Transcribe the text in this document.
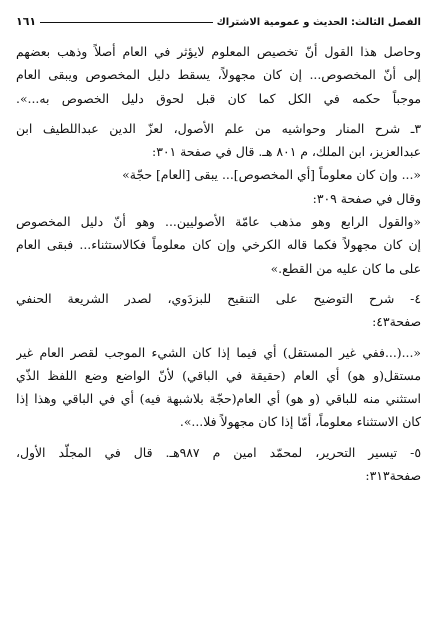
الفصل الثالث: الحديث و عمومية الاشتراك
١٦١
وحاصل هذا القول أنّ تخصيص المعلوم لايؤثر في العام أصلاً وذهب بعضهم
إلى أنّ المخصوص... إن كان مجهولاً، يسقط دليل المخصوص ويبقى العام
موجباً حكمه في الكل كما كان قبل لحوق دليل الخصوص به...».
٣ـ شرح المنار وحواشيه من علم الأصول، لعزّ الدين عبداللطيف ابن
عبدالعزيز، ابن الملك، م ٨٠١ هـ. قال في صفحة ٣٠١:
«... وإن كان معلوماً [أي المخصوص]... يبقى [العام] حجّة»
وقال في صفحة ٣٠٩:
«والقول الرابع وهو مذهب عامّة الأصوليين... وهو أنّ دليل المخصوص
إن كان مجهولاً فكما قاله الكرخي وإن كان معلوماً فكالاستثناء... فبقى العام
على ما كان عليه من القطع.»
٤- شرح التوضيح على التنقيح للبزدَوي، لصدر الشريعة الحنفي
صفحة٤٣:
«...(...ففي غير المستقل) أي فيما إذا كان الشيء الموجب لقصر العام غير
مستقل(و هو) أي العام (حقيقة في الباقي) لأنّ الواضع وضع اللفظ الذّي
استثني منه للباقي (و هو) أي العام(حجّة بلاشبهة فيه) أي في الباقي وهذا إذا
كان الاستثناء معلوماً، أمّا إذا كان مجهولاً فلا...».
٥- تيسير التحرير، لمحمّد امين م ٩٨٧هـ. قال في المجلّد الأول،
صفحة٣١٣:
